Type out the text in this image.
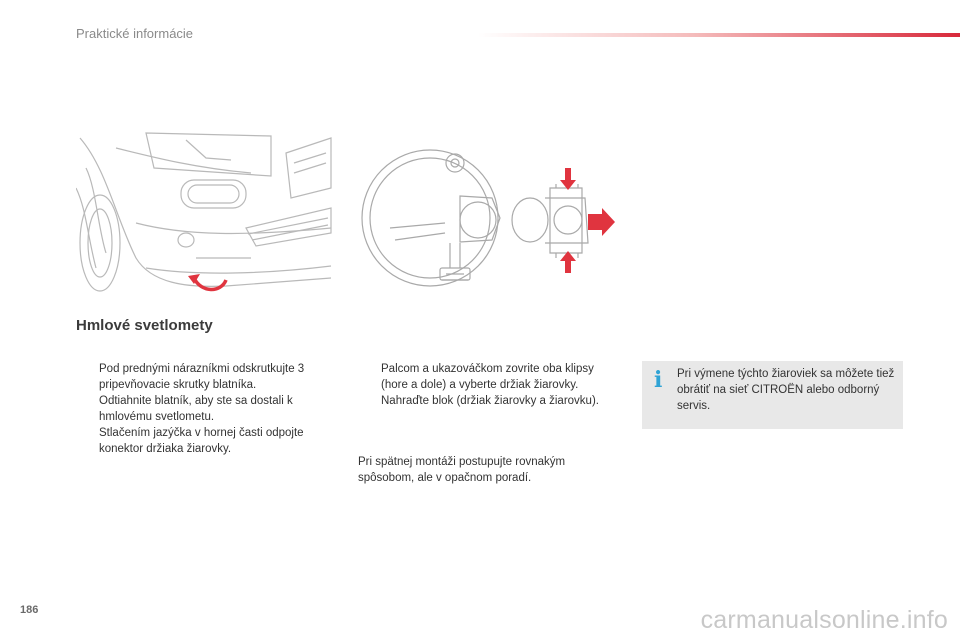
Praktické informácie
Hmlové svetlomety
Pod prednými nárazníkmi odskrutkujte 3 pripevňovacie skrutky blatníka.
Odtiahnite blatník, aby ste sa dostali k hmlovému svetlometu.
Stlačením jazýčka v hornej časti odpojte konektor držiaka žiarovky.
Palcom a ukazováčkom zovrite oba klipsy (hore a dole) a vyberte držiak žiarovky.
Nahraďte blok (držiak žiarovky a žiarovku).
Pri spätnej montáži postupujte rovnakým spôsobom, ale v opačnom poradí.
i Pri výmene týchto žiaroviek sa môžete tiež obrátiť na sieť CITROËN alebo odborný servis.
186	carmanualsonline.info
